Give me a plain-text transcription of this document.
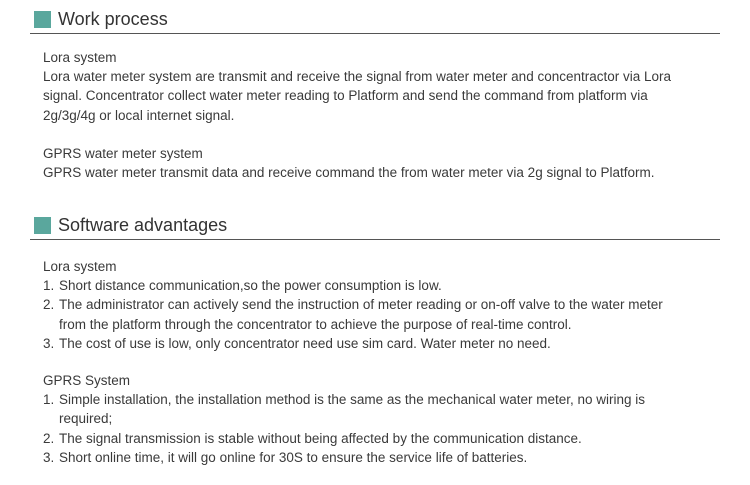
Work process

Lora system

Lora water meter system are transmit and receive the signal from water meter and concentractor via Lora signal. Concentrator collect water meter reading to Platform and send the command from platform via 2g/3g/4g or local internet signal.

GPRS water meter system

GPRS water meter transmit data and receive command the from water meter via 2g signal to Platform.

Software advantages

Lora system

1. Short distance communication,so the power consumption is low.
2. The administrator can actively send the instruction of meter reading or on-off valve to the water meter from the platform through the concentrator to achieve the purpose of real-time control.
3. The cost of use is low, only concentrator need use sim card. Water meter no need.

GPRS System

1. Simple installation, the installation method is the same as the mechanical water meter, no wiring is required;
2. The signal transmission is stable without being affected by the communication distance.
3. Short online time, it will go online for 30S to ensure the service life of batteries.
